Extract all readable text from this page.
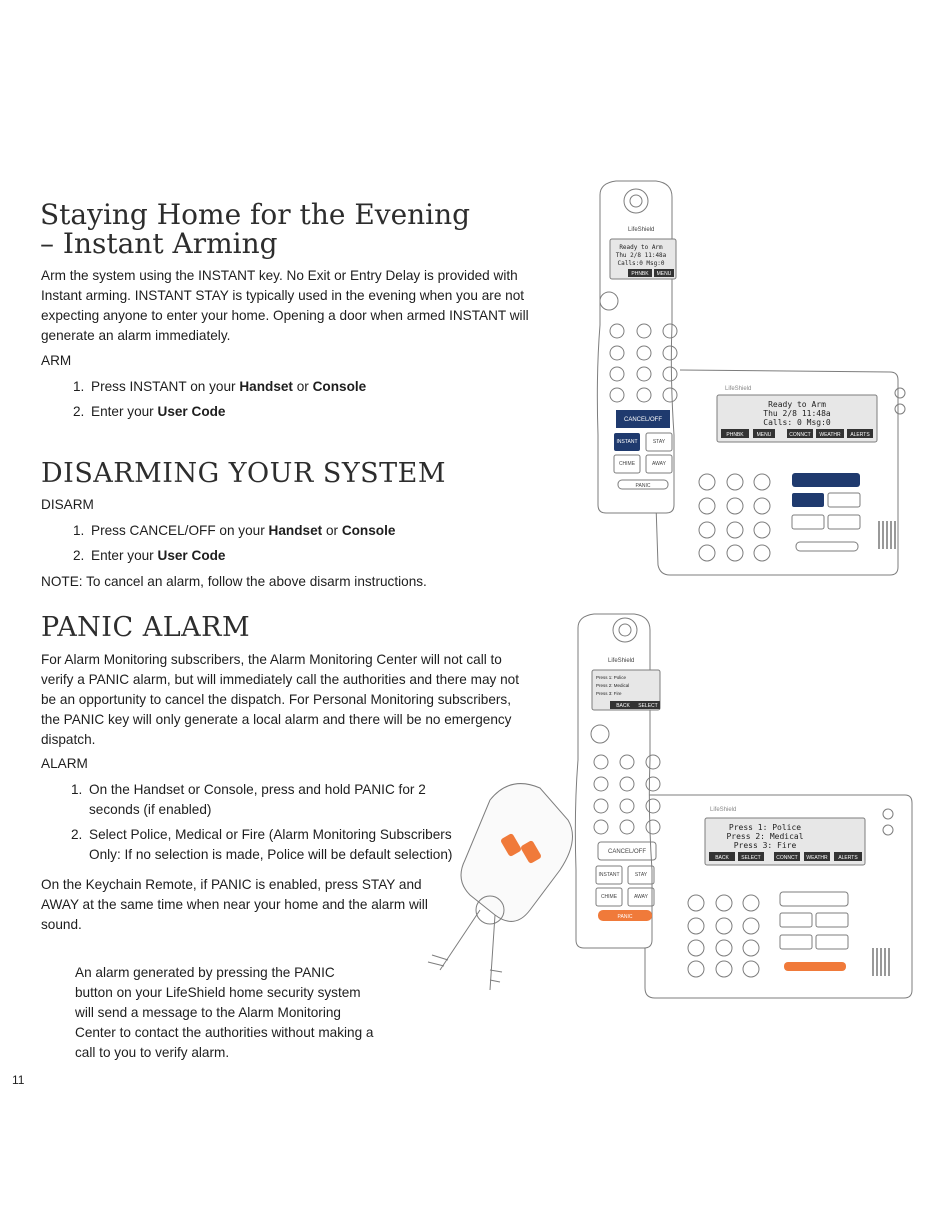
Staying Home for the Evening
– Instant Arming

Arm the system using the INSTANT key. No Exit or Entry Delay is provided with Instant arming. INSTANT STAY is typically used in the evening when you are not expecting anyone to enter your home. Opening a door when armed INSTANT will generate an alarm immediately.

ARM
1. Press INSTANT on your Handset or Console
2. Enter your User Code
DISARMING YOUR SYSTEM
DISARM
1. Press CANCEL/OFF on your Handset or Console
2. Enter your User Code

NOTE: To cancel an alarm, follow the above disarm instructions.

PANIC ALARM

For Alarm Monitoring subscribers, the Alarm Monitoring Center will not call to verify a PANIC alarm, but will immediately call the authorities and there may not be an opportunity to cancel the dispatch. For Personal Monitoring subscribers, the PANIC key will only generate a local alarm and there will be no emergency dispatch.

ALARM
1. On the Handset or Console, press and hold PANIC for 2 seconds (if enabled)
2. Select Police, Medical or Fire (Alarm Monitoring Subscribers Only: If no selection is made, Police will be default selection)

On the Keychain Remote, if PANIC is enabled, press STAY and AWAY at the same time when near your home and the alarm will sound.

An alarm generated by pressing the PANIC button on your LifeShield home security system will send a message to the Alarm Monitoring Center to contact the authorities without making a call to you to verify alarm.

11
Ready to Arm
Thu 2/8 11:48a
Calls: 0 Msg:0
PHNBK	MENU	CONNCT WEATHR ALERTS
LifeShield
LifeShield
Ready to Arm
Thu 2/8 11:48a
Calls:0 Msg:0
PHNBK MENU
CANCEL/OFF
INSTANT	STAY
CHIME	AWAY
PANIC
Press 1: Police
Press 2: Medical
Press 3: Fire
BACK SELECT	CONNCT WEATHR ALERTS
LifeShield
LifeShield
Press 1: Police
Press 2: Medical
Press 3: Fire
BACK SELECT
CANCEL/OFF
INSTANT	STAY
CHIME	AWAY
PANIC
